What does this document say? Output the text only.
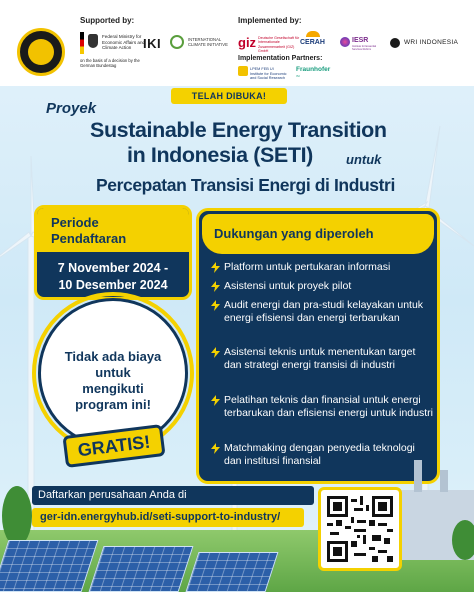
Supported by:
Federal Ministry for Economic Affairs and Climate Action
on the basis of a decision by the German Bundestag
IKI	INTERNATIONAL CLIMATE INITIATIVE
Implemented by:
giz Deutsche Gesellschaft für Internationale Zusammenarbeit (GIZ) GmbH
CERAH	IESR
Institute for Essential Services Reform
WRI INDONESIA
Implementation Partners:
LPEM FEB UI
Institute for Economic and Social Research
Fraunhofer
ISI
TELAH DIBUKA!
Proyek
Sustainable Energy Transition
in Indonesia (SETI)	untuk
Percepatan Transisi Energi di Industri
Periode Pendaftaran
7 November 2024 -
10 Desember 2024
Dukungan yang diperoleh
Platform untuk pertukaran informasi
Asistensi untuk proyek pilot
Audit energi dan pra-studi kelayakan untuk energi efisiensi dan energi terbarukan
Asistensi teknis untuk menentukan target dan strategi energi transisi di industri
Pelatihan teknis dan finansial untuk energi terbarukan dan efisiensi energi untuk industri
Matchmaking dengan penyedia teknologi dan institusi finansial
Tidak ada biaya untuk mengikuti program ini!
GRATIS!
Daftarkan perusahaan Anda di
ger-idn.energyhub.id/seti-support-to-industry/
